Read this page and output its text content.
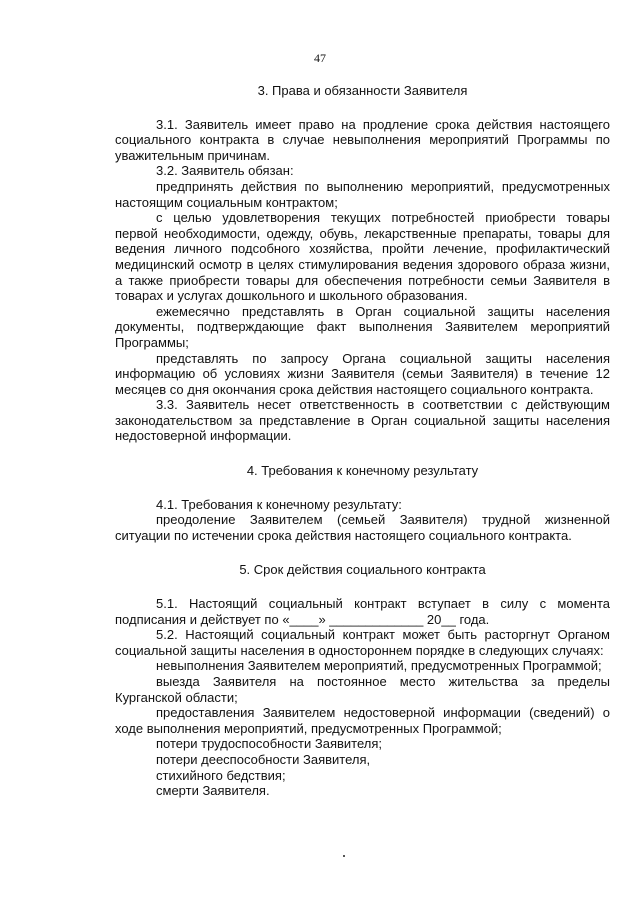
47

3. Права и обязанности Заявителя

3.1. Заявитель имеет право на продление срока действия настоящего социального контракта в случае невыполнения мероприятий Программы по уважительным причинам.

3.2. Заявитель обязан:

предпринять действия по выполнению мероприятий, предусмотренных настоящим социальным контрактом;

с целью удовлетворения текущих потребностей приобрести товары первой необходимости, одежду, обувь, лекарственные препараты, товары для ведения личного подсобного хозяйства, пройти лечение, профилактический медицинский осмотр в целях стимулирования ведения здорового образа жизни, а также приобрести товары для обеспечения потребности семьи Заявителя в товарах и услугах дошкольного и школьного образования.

ежемесячно представлять в Орган социальной защиты населения документы, подтверждающие факт выполнения Заявителем мероприятий Программы;

представлять по запросу Органа социальной защиты населения информацию об условиях жизни Заявителя (семьи Заявителя) в течение 12 месяцев со дня окончания срока действия настоящего социального контракта.

3.3. Заявитель несет ответственность в соответствии с действующим законодательством за представление в Орган социальной защиты населения недостоверной информации.

4. Требования к конечному результату

4.1. Требования к конечному результату:

преодоление Заявителем (семьей Заявителя) трудной жизненной ситуации по истечении срока действия настоящего социального контракта.

5. Срок действия социального контракта

5.1. Настоящий социальный контракт вступает в силу с момента подписания и действует по «____» _____________ 20__ года.

5.2. Настоящий социальный контракт может быть расторгнут Органом социальной защиты населения в одностороннем порядке в следующих случаях:

невыполнения Заявителем мероприятий, предусмотренных Программой;

выезда Заявителя на постоянное место жительства за пределы Курганской области;

предоставления Заявителем недостоверной информации (сведений) о ходе выполнения мероприятий, предусмотренных Программой;

потери трудоспособности Заявителя;

потери дееспособности Заявителя,

стихийного бедствия;

смерти Заявителя.
